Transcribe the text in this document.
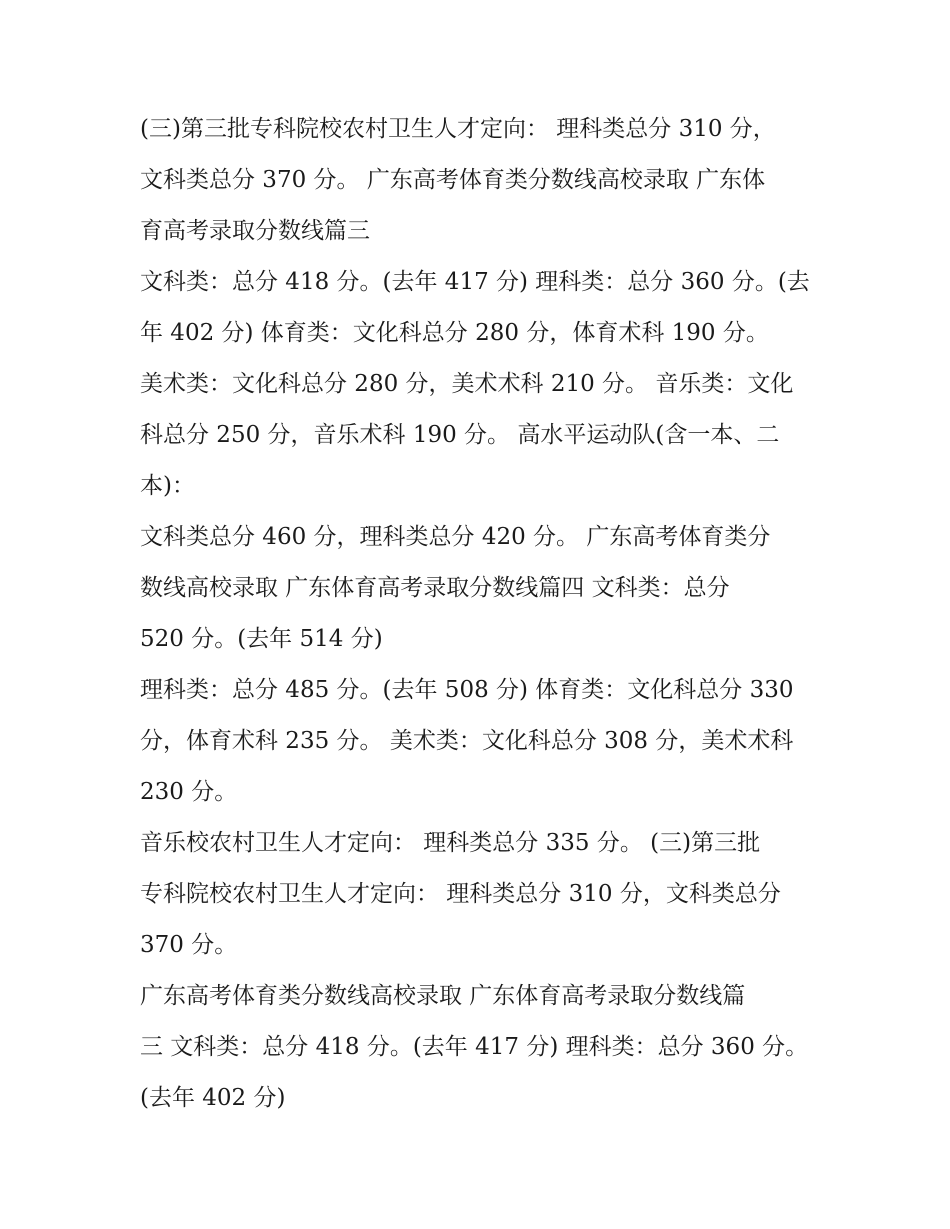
(三)第三批专科院校农村卫生人才定向： 理科类总分 310 分，
文科类总分 370 分。 广东高考体育类分数线高校录取 广东体
育高考录取分数线篇三

文科类：总分 418 分。(去年 417 分) 理科类：总分 360 分。(去
年 402 分) 体育类：文化科总分 280 分，体育术科 190 分。

美术类：文化科总分 280 分，美术术科 210 分。 音乐类：文化
科总分 250 分，音乐术科 190 分。 高水平运动队(含一本、二
本)：

文科类总分 460 分，理科类总分 420 分。 广东高考体育类分
数线高校录取 广东体育高考录取分数线篇四 文科类：总分
520 分。(去年 514 分)

理科类：总分 485 分。(去年 508 分) 体育类：文化科总分 330
分，体育术科 235 分。 美术类：文化科总分 308 分，美术术科
230 分。

音乐校农村卫生人才定向： 理科类总分 335 分。 (三)第三批
专科院校农村卫生人才定向： 理科类总分 310 分，文科类总分
370 分。

广东高考体育类分数线高校录取 广东体育高考录取分数线篇
三 文科类：总分 418 分。(去年 417 分) 理科类：总分 360 分。
(去年 402 分)
